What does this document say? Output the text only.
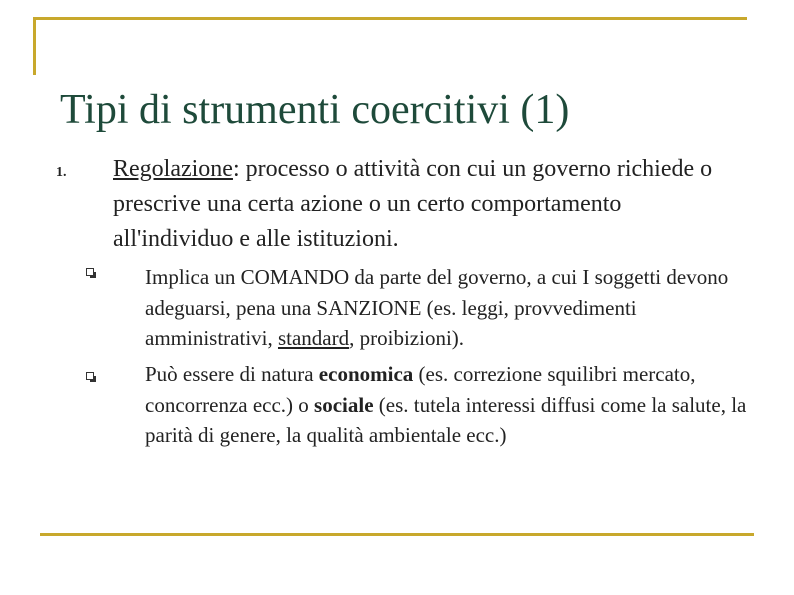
Tipi di strumenti coercitivi (1)
1. Regolazione: processo o attività con cui un governo richiede o prescrive una certa azione o un certo comportamento all'individuo e alle istituzioni.
Implica un COMANDO da parte del governo, a cui I soggetti devono adeguarsi, pena una SANZIONE (es. leggi, provvedimenti amministrativi, standard, proibizioni).
Può essere di natura economica (es. correzione squilibri mercato, concorrenza ecc.) o sociale (es. tutela interessi diffusi come la salute, la parità di genere, la qualità ambientale ecc.)
